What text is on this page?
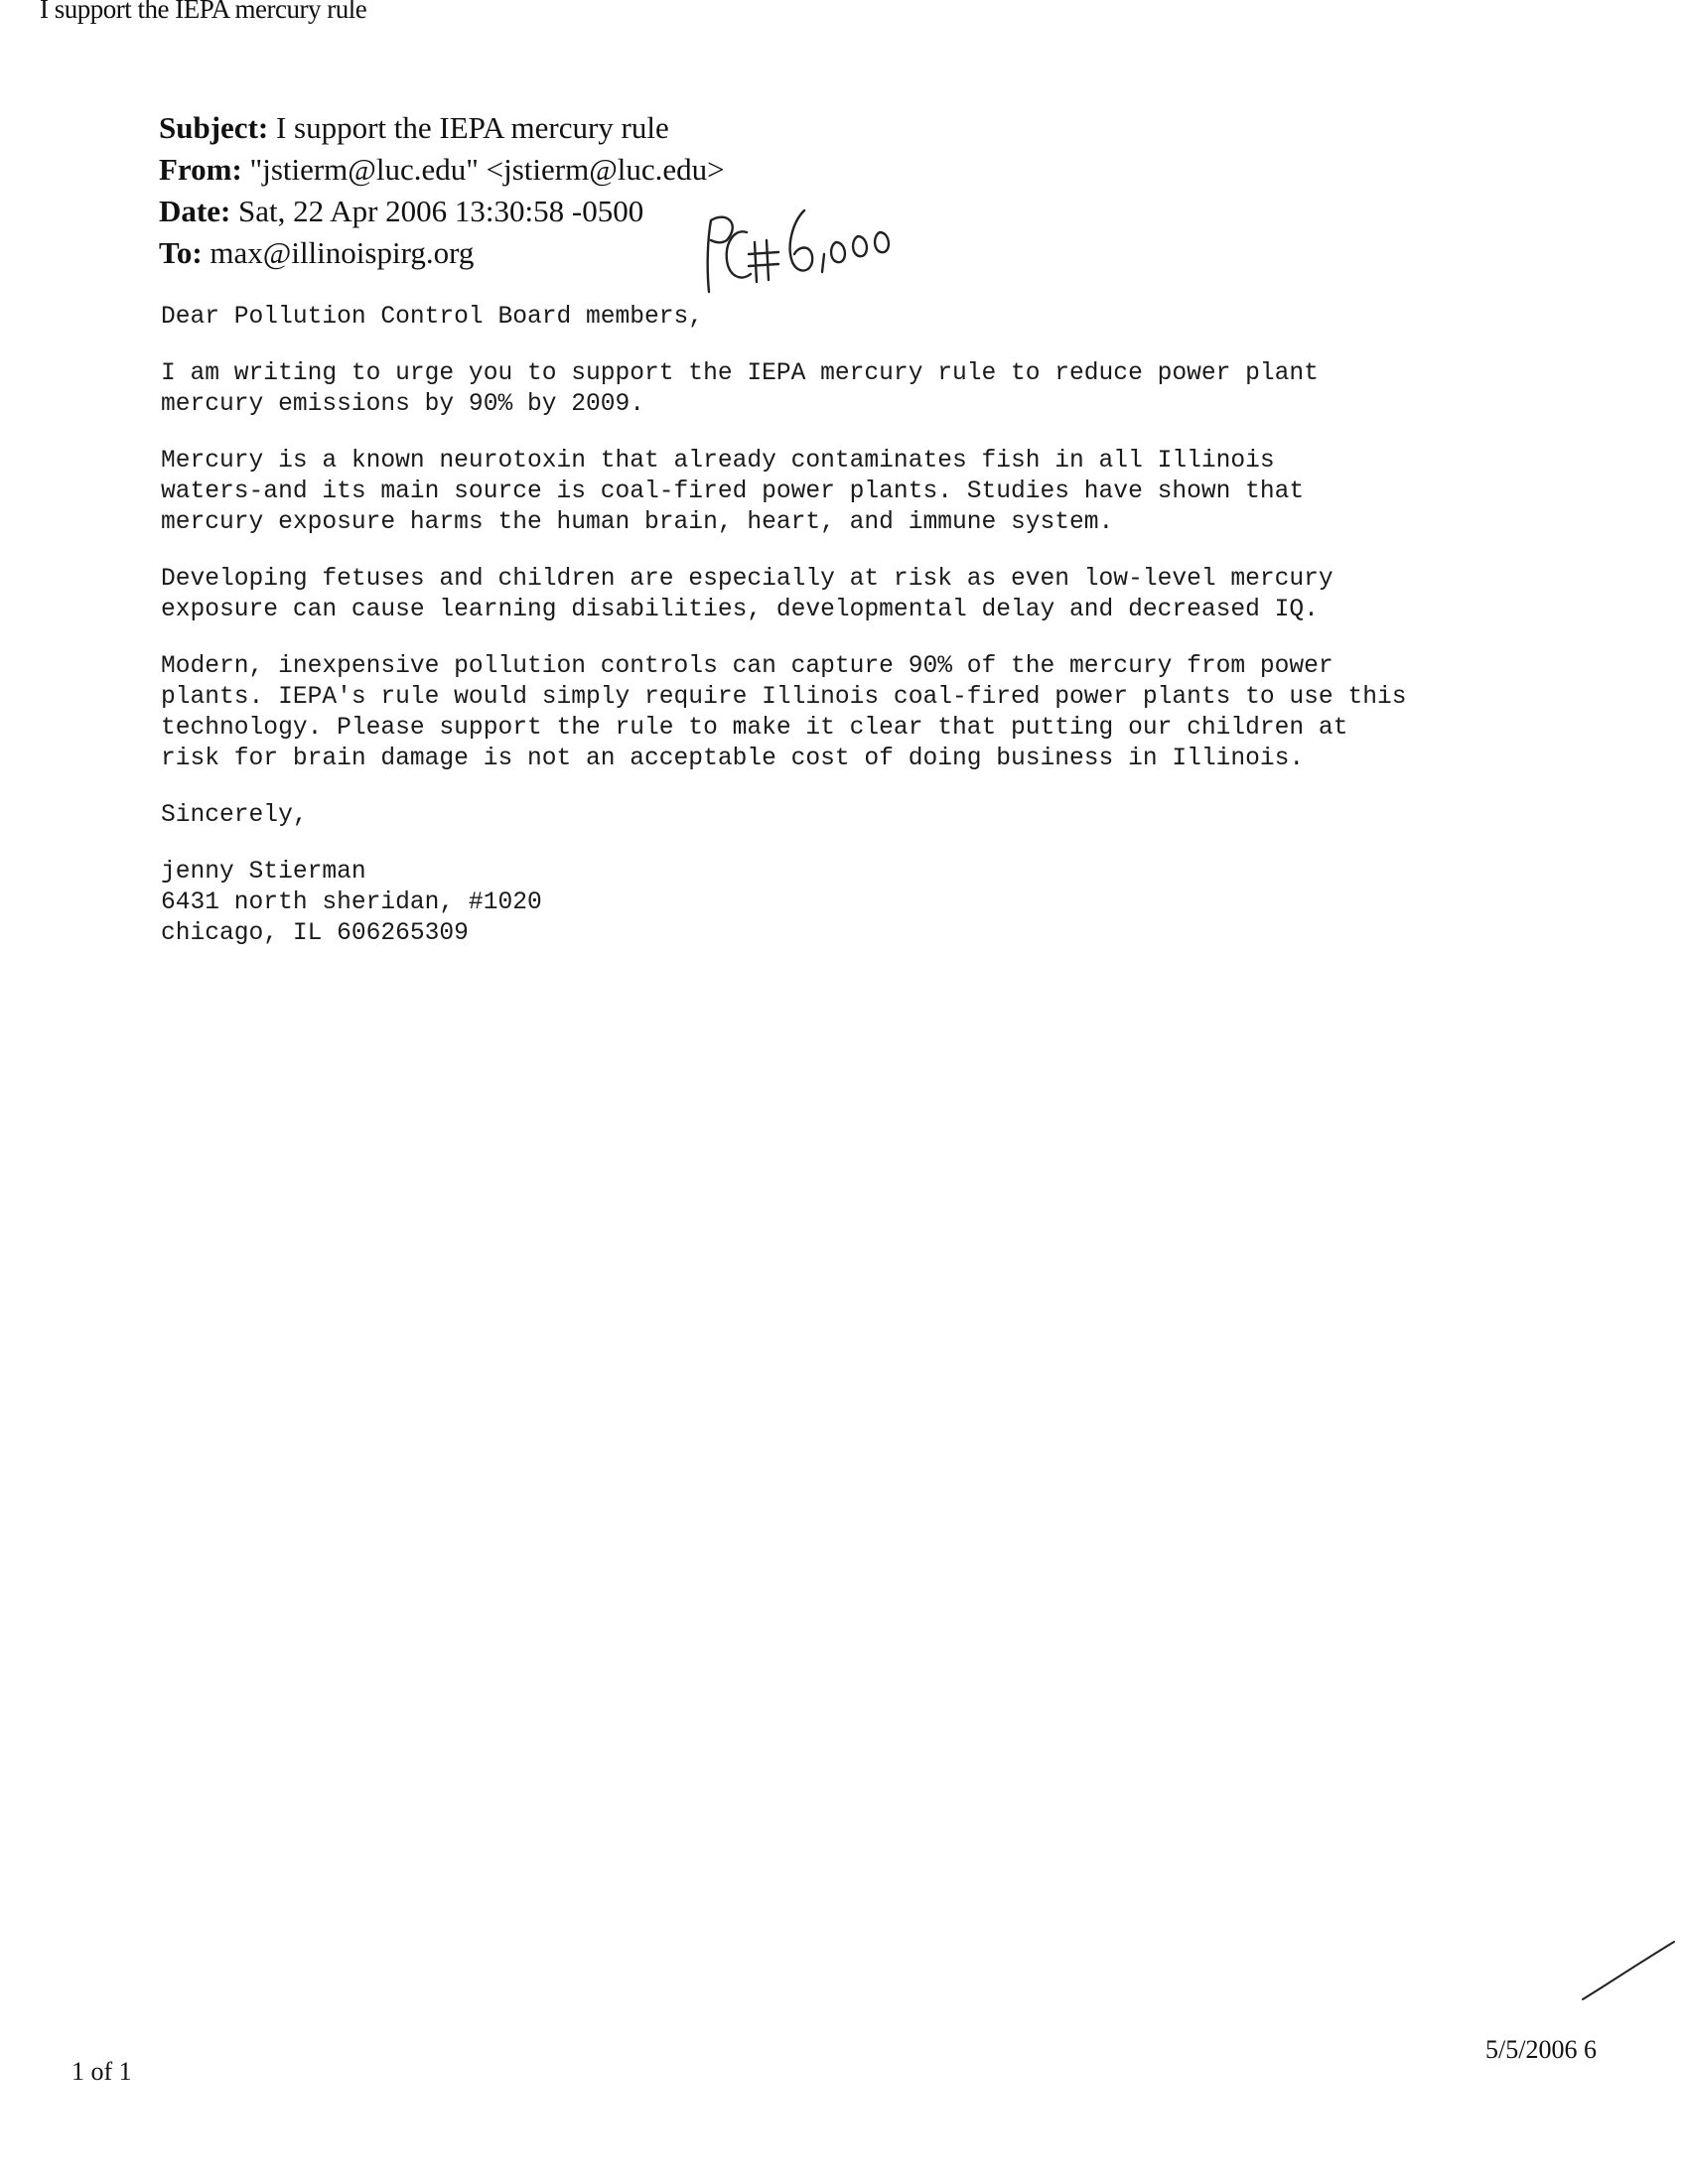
I support the IEPA mercury rule
Subject: I support the IEPA mercury rule
From: "jstierm@luc.edu" <jstierm@luc.edu>
Date: Sat, 22 Apr 2006 13:30:58 -0500
To: max@illinoispirg.org

Dear Pollution Control Board members,

I am writing to urge you to support the IEPA mercury rule to reduce power plant
mercury emissions by 90% by 2009.

Mercury is a known neurotoxin that already contaminates fish in all Illinois
waters-and its main source is coal-fired power plants. Studies have shown that
mercury exposure harms the human brain, heart, and immune system.

Developing fetuses and children are especially at risk as even low-level mercury
exposure can cause learning disabilities, developmental delay and decreased IQ.

Modern, inexpensive pollution controls can capture 90% of the mercury from power
plants. IEPA's rule would simply require Illinois coal-fired power plants to use this
technology. Please support the rule to make it clear that putting our children at
risk for brain damage is not an acceptable cost of doing business in Illinois.

Sincerely,

jenny Stierman

6431 north sheridan, #1020

chicago, IL 606265309

1 of 1
5/5/2006 6
